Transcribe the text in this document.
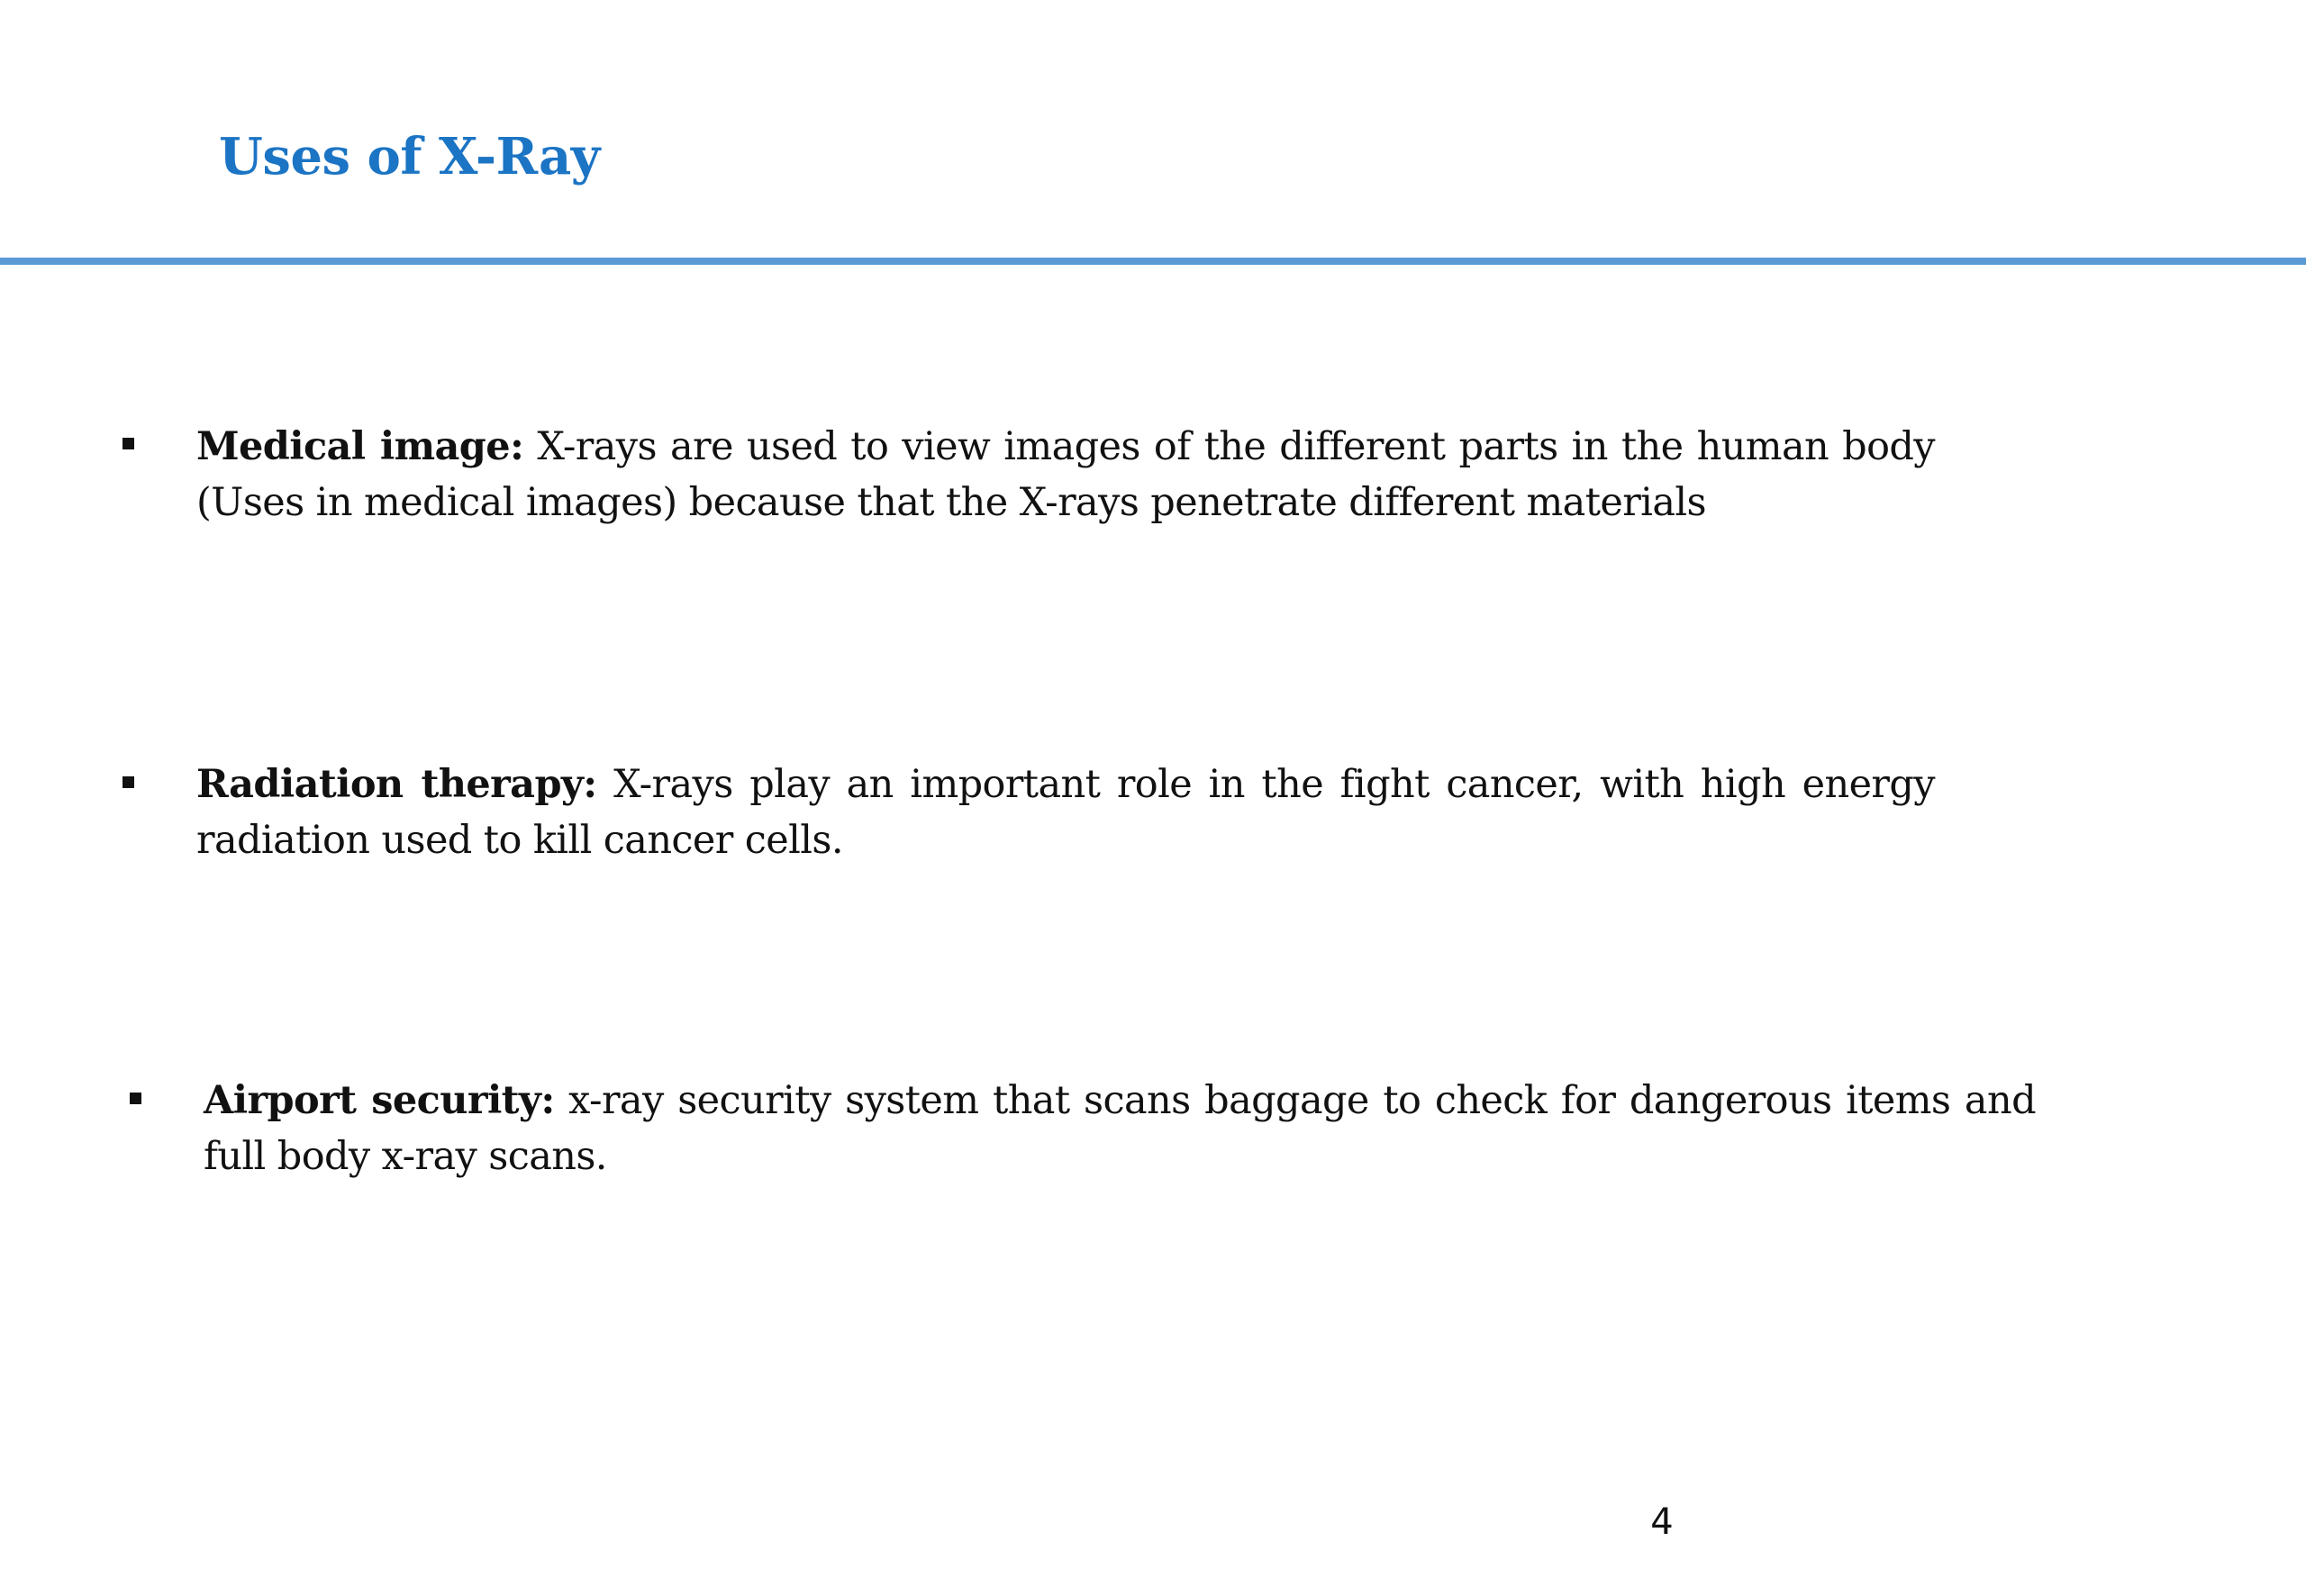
Uses of X-Ray

Medical image: X-rays are used to view images of the different parts in the human body (Uses in medical images) because that the X-rays penetrate different materials

Radiation therapy: X-rays play an important role in the fight cancer, with high energy radiation used to kill cancer cells.

Airport security: x-ray security system that scans baggage to check for dangerous items and full body x-ray scans.

4
